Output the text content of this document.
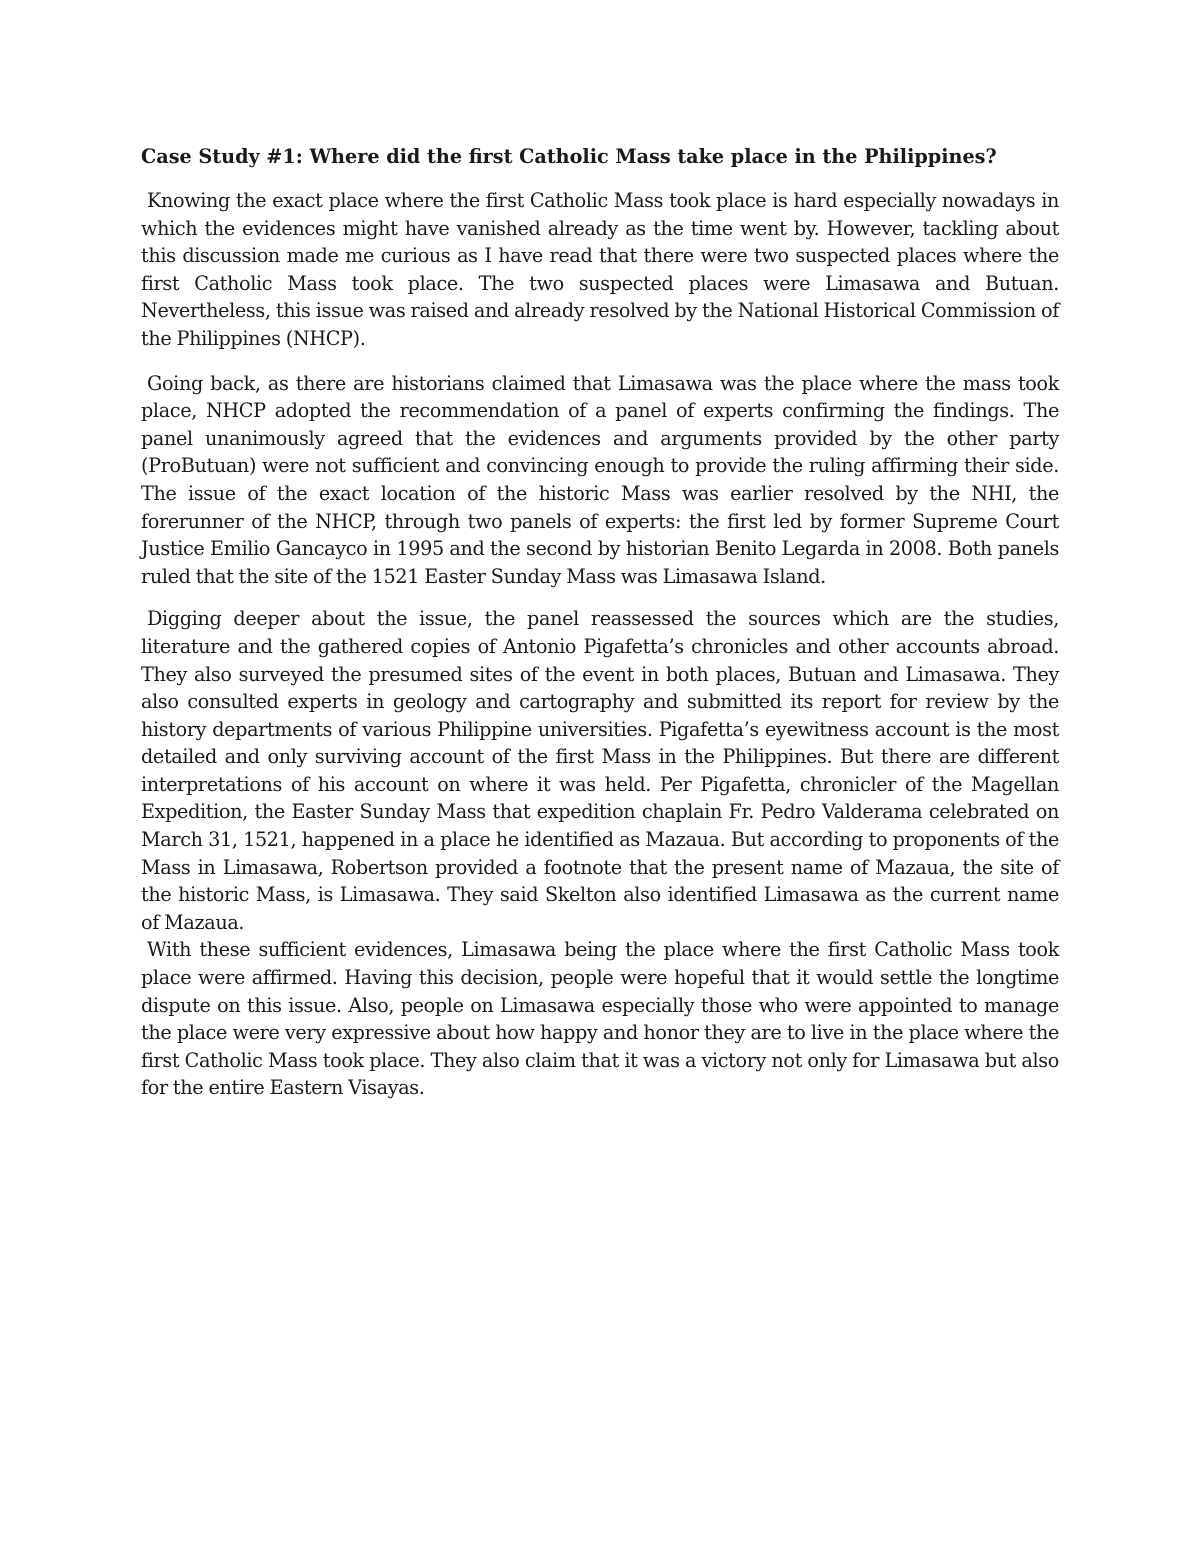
Case Study #1: Where did the first Catholic Mass take place in the Philippines?

Knowing the exact place where the first Catholic Mass took place is hard especially nowadays in which the evidences might have vanished already as the time went by. However, tackling about this discussion made me curious as I have read that there were two suspected places where the first Catholic Mass took place. The two suspected places were Limasawa and Butuan. Nevertheless, this issue was raised and already resolved by the National Historical Commission of the Philippines (NHCP).

Going back, as there are historians claimed that Limasawa was the place where the mass took place, NHCP adopted the recommendation of a panel of experts confirming the findings. The panel unanimously agreed that the evidences and arguments provided by the other party (ProButuan) were not sufficient and convincing enough to provide the ruling affirming their side. The issue of the exact location of the historic Mass was earlier resolved by the NHI, the forerunner of the NHCP, through two panels of experts: the first led by former Supreme Court Justice Emilio Gancayco in 1995 and the second by historian Benito Legarda in 2008. Both panels ruled that the site of the 1521 Easter Sunday Mass was Limasawa Island.

Digging deeper about the issue, the panel reassessed the sources which are the studies, literature and the gathered copies of Antonio Pigafetta’s chronicles and other accounts abroad. They also surveyed the presumed sites of the event in both places, Butuan and Limasawa. They also consulted experts in geology and cartography and submitted its report for review by the history departments of various Philippine universities. Pigafetta’s eyewitness account is the most detailed and only surviving account of the first Mass in the Philippines. But there are different interpretations of his account on where it was held. Per Pigafetta, chronicler of the Magellan Expedition, the Easter Sunday Mass that expedition chaplain Fr. Pedro Valderama celebrated on March 31, 1521, happened in a place he identified as Mazaua. But according to proponents of the Mass in Limasawa, Robertson provided a footnote that the present name of Mazaua, the site of the historic Mass, is Limasawa. They said Skelton also identified Limasawa as the current name of Mazaua.

With these sufficient evidences, Limasawa being the place where the first Catholic Mass took place were affirmed. Having this decision, people were hopeful that it would settle the longtime dispute on this issue. Also, people on Limasawa especially those who were appointed to manage the place were very expressive about how happy and honor they are to live in the place where the first Catholic Mass took place. They also claim that it was a victory not only for Limasawa but also for the entire Eastern Visayas.
